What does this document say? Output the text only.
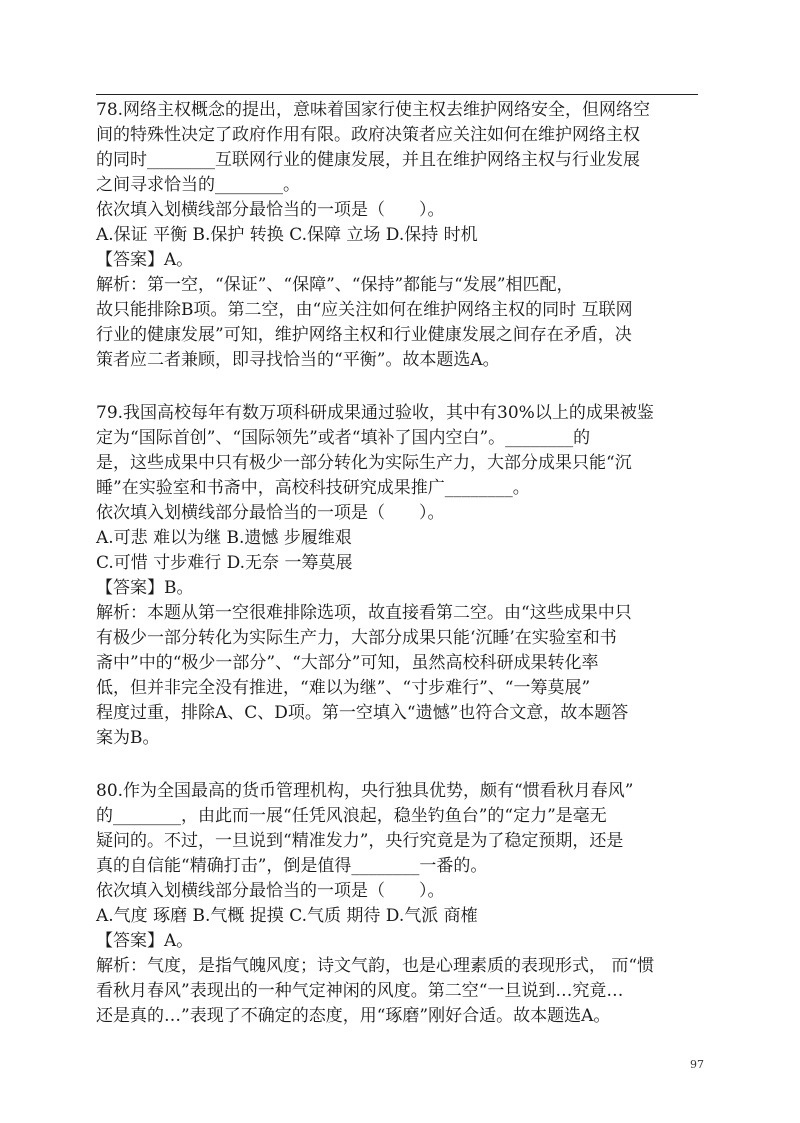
78.网络主权概念的提出，意味着国家行使主权去维护网络安全，但网络空
间的特殊性决定了政府作用有限。政府决策者应关注如何在维护网络主权
的同时________互联网行业的健康发展，并且在维护网络主权与行业发展
之间寻求恰当的________。
依次填入划横线部分最恰当的一项是（　　）。
A.保证 平衡 B.保护 转换 C.保障 立场 D.保持 时机
【答案】A。
解析：第一空，“保证”、“保障”、“保持”都能与“发展”相匹配，
故只能排除B项。第二空，由“应关注如何在维护网络主权的同时 互联网
行业的健康发展”可知，维护网络主权和行业健康发展之间存在矛盾，决
策者应二者兼顾，即寻找恰当的“平衡”。故本题选A。
79.我国高校每年有数万项科研成果通过验收，其中有30%以上的成果被鉴
定为“国际首创”、“国际领先”或者“填补了国内空白”。________的
是，这些成果中只有极少一部分转化为实际生产力，大部分成果只能“沉
睡”在实验室和书斋中，高校科技研究成果推广________。
依次填入划横线部分最恰当的一项是（　　）。
A.可悲 难以为继 B.遗憾 步履维艰
C.可惜 寸步难行 D.无奈 一筹莫展
【答案】B。
解析：本题从第一空很难排除选项，故直接看第二空。由“这些成果中只
有极少一部分转化为实际生产力，大部分成果只能‘沉睡’在实验室和书
斋中”中的“极少一部分”、“大部分”可知，虽然高校科研成果转化率
低，但并非完全没有推进，“难以为继”、“寸步难行”、“一筹莫展”
程度过重，排除A、C、D项。第一空填入“遗憾”也符合文意，故本题答
案为B。
80.作为全国最高的货币管理机构，央行独具优势，颇有“惯看秋月春风”
的________，由此而一展“任凭风浪起，稳坐钓鱼台”的“定力”是毫无
疑问的。不过，一旦说到“精准发力”，央行究竟是为了稳定预期，还是
真的自信能“精确打击”，倒是值得________一番的。
依次填入划横线部分最恰当的一项是（　　）。
A.气度 琢磨 B.气概 捉摸 C.气质 期待 D.气派 商榷
【答案】A。
解析：气度，是指气魄风度；诗文气韵，也是心理素质的表现形式， 而“惯
看秋月春风”表现出的一种气定神闲的风度。第二空“一旦说到…究竟…
还是真的…”表现了不确定的态度，用“琢磨”刚好合适。故本题选A。
97
